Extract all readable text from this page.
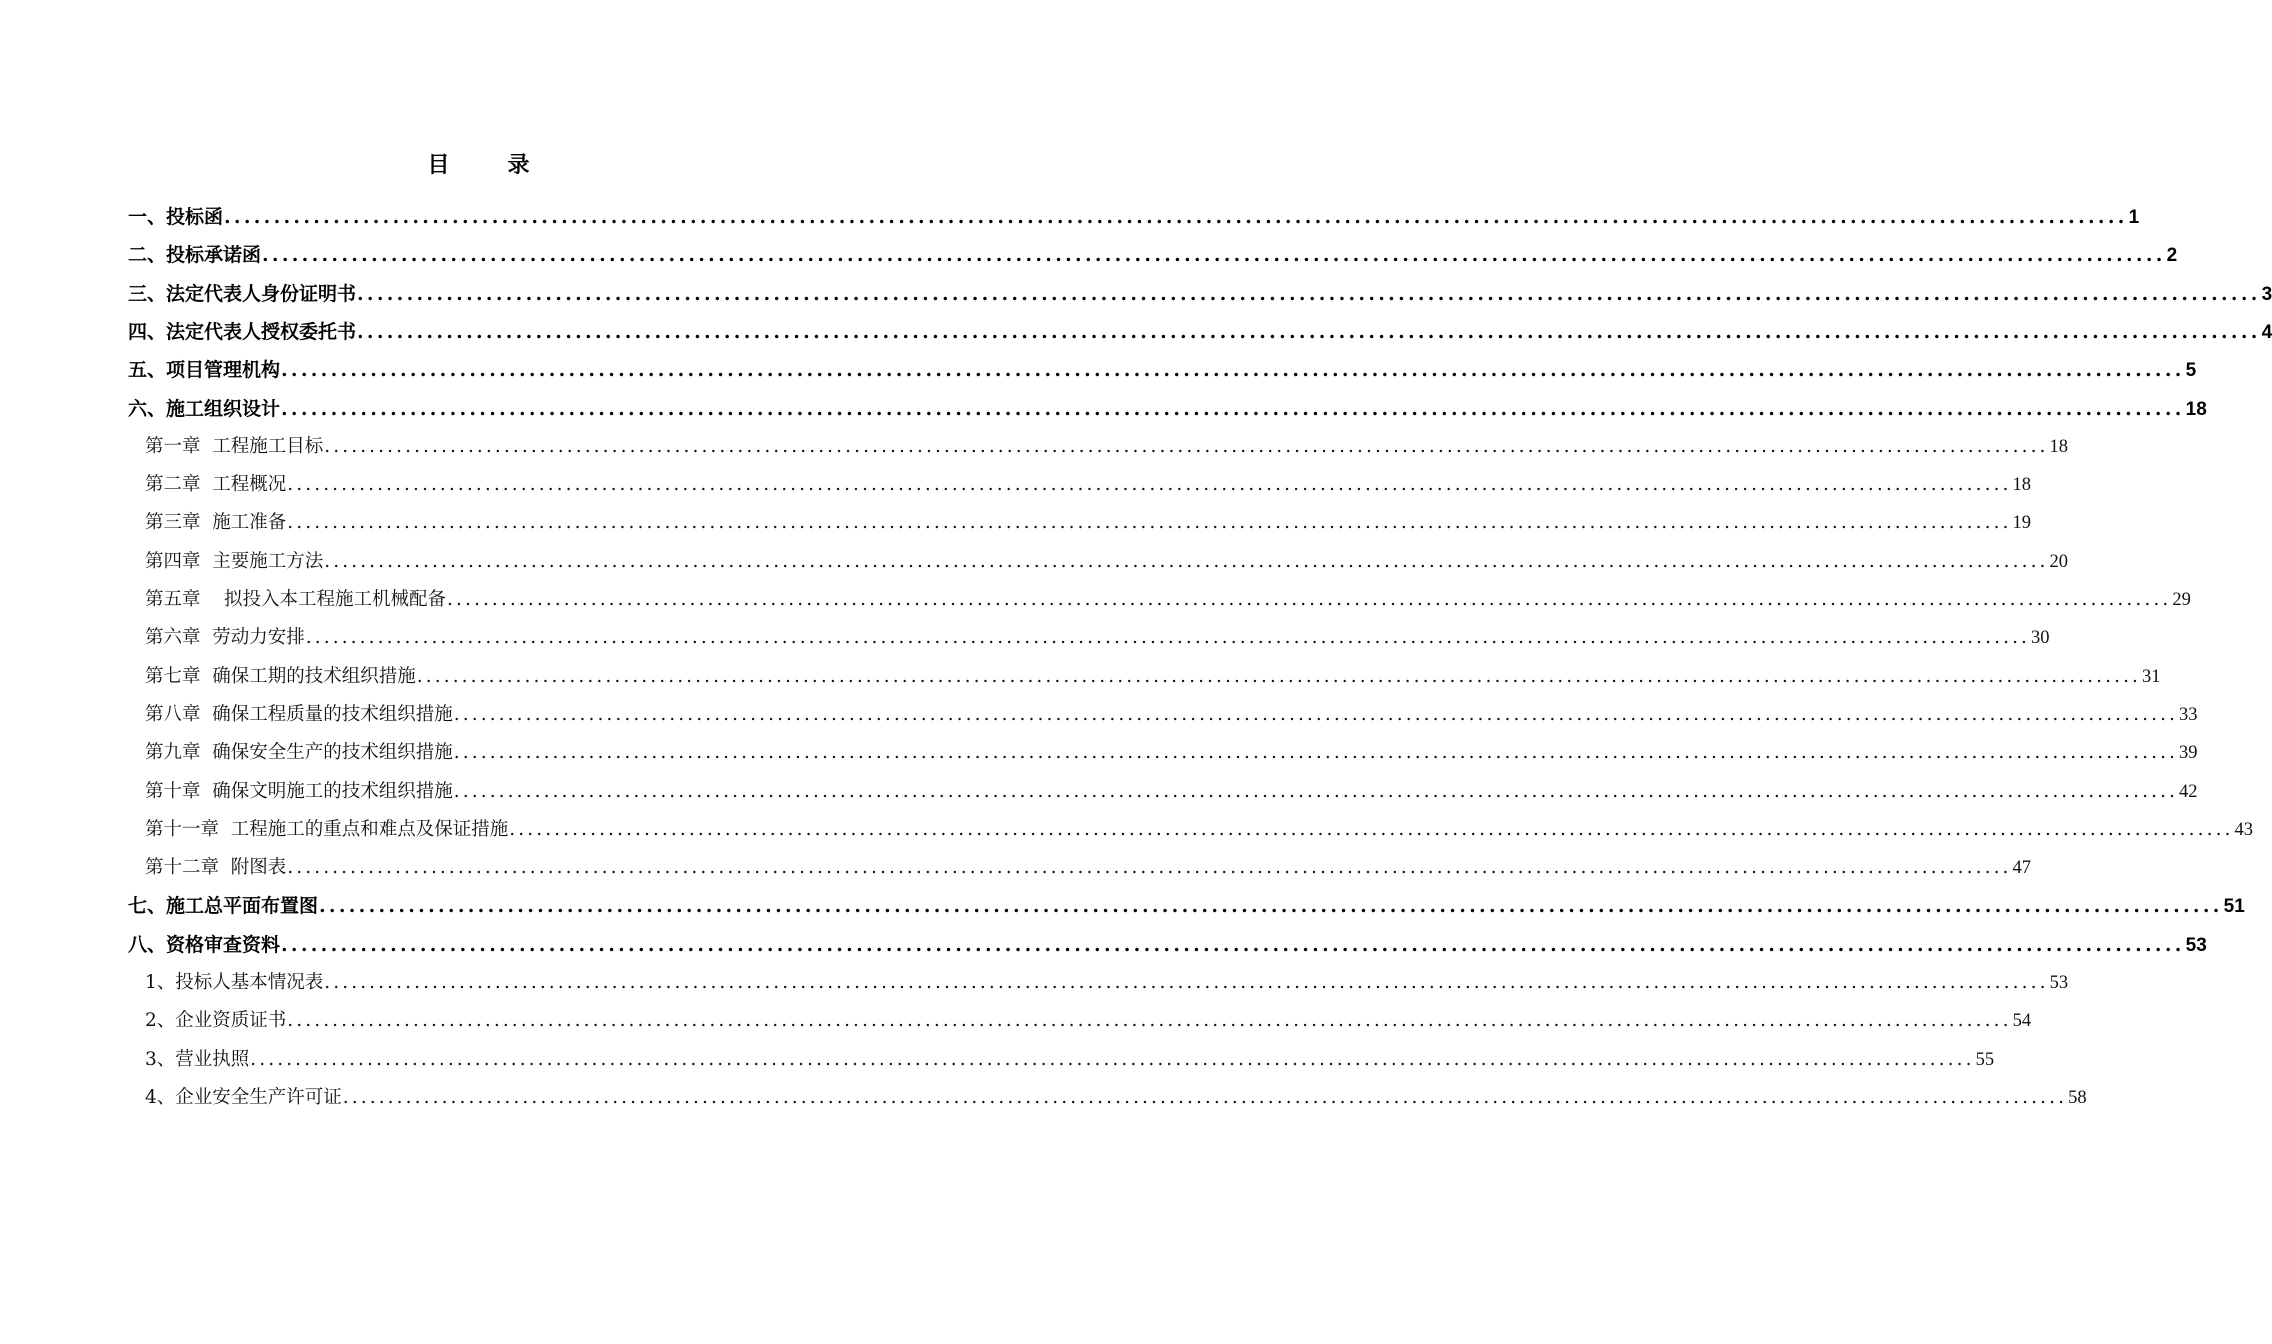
目　录
一、投标函 ................................................................................................................................................................................................ 1
二、投标承诺函 ................................................................................................................................................................................................ 2
三、法定代表人身份证明书 ................................................................................................................................................................................................ 3
四、法定代表人授权委托书 ................................................................................................................................................................................................ 4
五、项目管理机构 ................................................................................................................................................................................................ 5
六、施工组织设计 ................................................................................................................................................................................................ 18
第一章  工程施工目标 ................................................................................................................................................................................................ 18
第二章  工程概况 ................................................................................................................................................................................................ 18
第三章  施工准备 ................................................................................................................................................................................................ 19
第四章  主要施工方法 ................................................................................................................................................................................................ 20
第五章    拟投入本工程施工机械配备 ................................................................................................................................................................................................ 29
第六章  劳动力安排 ................................................................................................................................................................................................ 30
第七章  确保工期的技术组织措施 ................................................................................................................................................................................................ 31
第八章  确保工程质量的技术组织措施 ................................................................................................................................................................................................ 33
第九章  确保安全生产的技术组织措施 ................................................................................................................................................................................................ 39
第十章  确保文明施工的技术组织措施 ................................................................................................................................................................................................ 42
第十一章  工程施工的重点和难点及保证措施 ................................................................................................................................................................................................ 43
第十二章  附图表 ................................................................................................................................................................................................ 47
七、施工总平面布置图 ................................................................................................................................................................................................ 51
八、资格审查资料 ................................................................................................................................................................................................ 53
1、投标人基本情况表 ................................................................................................................................................................................................ 53
2、企业资质证书 ................................................................................................................................................................................................ 54
3、营业执照 ................................................................................................................................................................................................ 55
4、企业安全生产许可证 ................................................................................................................................................................................................ 58
